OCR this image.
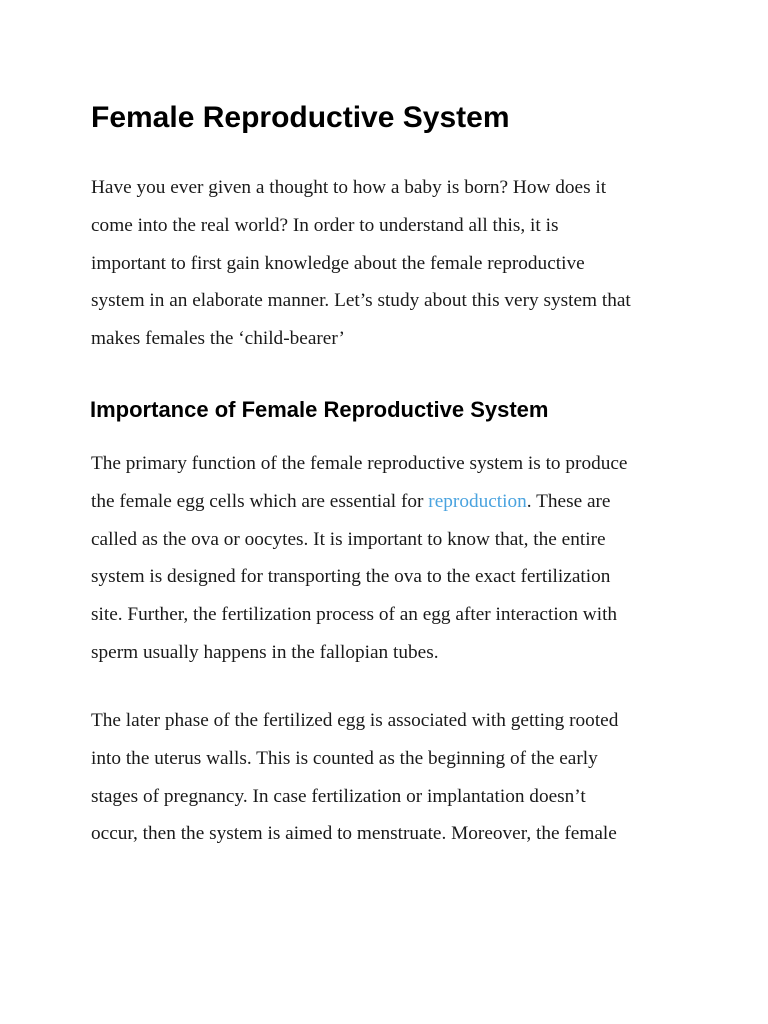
Female Reproductive System

Have you ever given a thought to how a baby is born? How does it
come into the real world? In order to understand all this, it is
important to first gain knowledge about the female reproductive
system in an elaborate manner. Let’s study about this very system that
makes females the ‘child-bearer’

Importance of Female Reproductive System

The primary function of the female reproductive system is to produce
the female egg cells which are essential for reproduction. These are
called as the ova or oocytes. It is important to know that, the entire
system is designed for transporting the ova to the exact fertilization
site. Further, the fertilization process of an egg after interaction with
sperm usually happens in the fallopian tubes.

The later phase of the fertilized egg is associated with getting rooted
into the uterus walls. This is counted as the beginning of the early
stages of pregnancy. In case fertilization or implantation doesn’t
occur, then the system is aimed to menstruate. Moreover, the female
